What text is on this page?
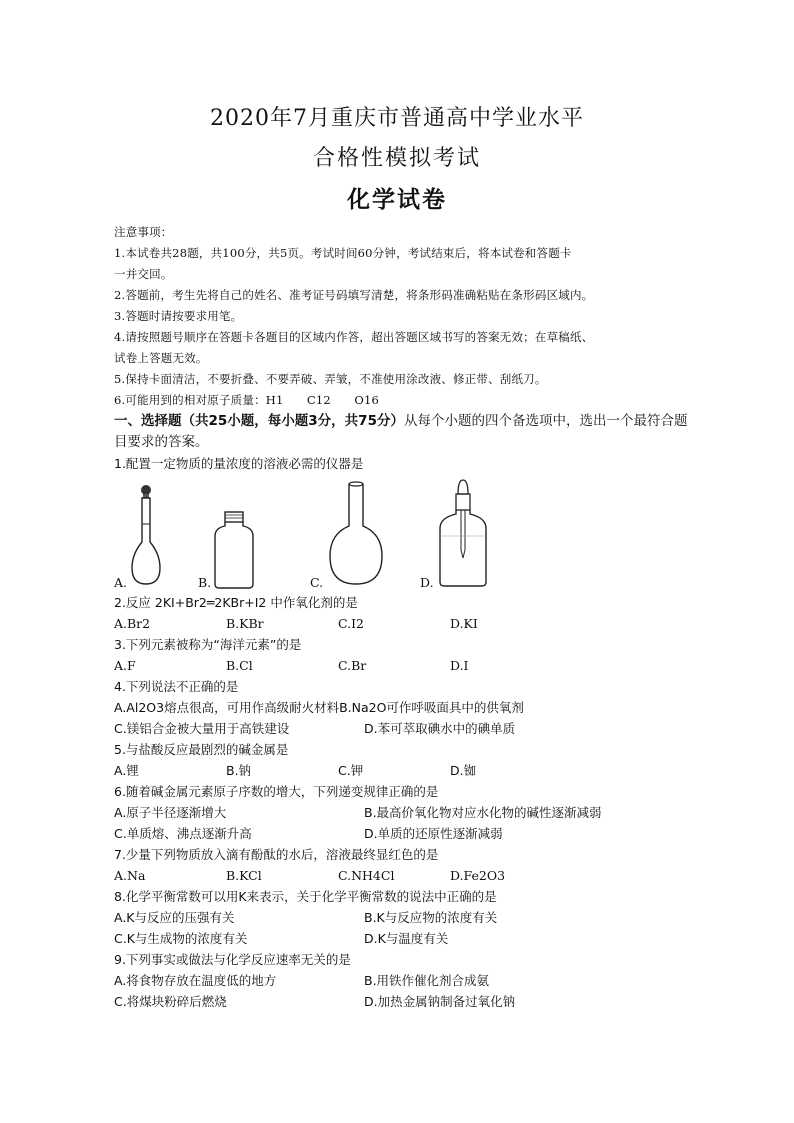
2020年7月重庆市普通高中学业水平
合格性模拟考试
化学试卷

注意事项：

1.本试卷共28题，共100分，共5页。考试时间60分钟，考试结束后，将本试卷和答题卡

一并交回。

2.答题前，考生先将自己的姓名、准考证号码填写清楚，将条形码准确粘贴在条形码区域内。

3.答题时请按要求用笔。

4.请按照题号顺序在答题卡各题目的区域内作答，超出答题区域书写的答案无效；在草稿纸、

试卷上答题无效。

5.保持卡面清洁，不要折叠、不要弄破、弄皱，不准使用涂改液、修正带、刮纸刀。

6.可能用到的相对原子质量：H1　　C12　　O16

一、选择题（共25小题，每小题3分，共75分）从每个小题的四个备选项中，选出一个最符合题目要求的答案。

1.配置一定物质的量浓度的溶液必需的仪器是

A.	B.	C.	D.

2.反应 2KI+Br2═2KBr+I2 中作氧化剂的是

A.Br2	B.KBr	C.I2	D.KI

3.下列元素被称为“海洋元素”的是

A.F	B.Cl	C.Br	D.I

4.下列说法不正确的是

A.Al2O3熔点很高，可用作高级耐火材料 B.Na2O可作呼吸面具中的供氧剂

C.镁铝合金被大量用于高铁建设	D.苯可萃取碘水中的碘单质

5.与盐酸反应最剧烈的碱金属是

A.锂	B.钠	C.钾	D.铷

6.随着碱金属元素原子序数的增大，下列递变规律正确的是

A.原子半径逐渐增大	B.最高价氧化物对应水化物的碱性逐渐减弱

C.单质熔、沸点逐渐升高	D.单质的还原性逐渐减弱

7.少量下列物质放入滴有酚酞的水后，溶液最终显红色的是

A.Na	B.KCl	C.NH4Cl	D.Fe2O3

8.化学平衡常数可以用K来表示，关于化学平衡常数的说法中正确的是

A.K与反应的压强有关	B.K与反应物的浓度有关

C.K与生成物的浓度有关	D.K与温度有关

9.下列事实或做法与化学反应速率无关的是

A.将食物存放在温度低的地方	B.用铁作催化剂合成氨

C.将煤块粉碎后燃烧	D.加热金属钠制备过氧化钠
